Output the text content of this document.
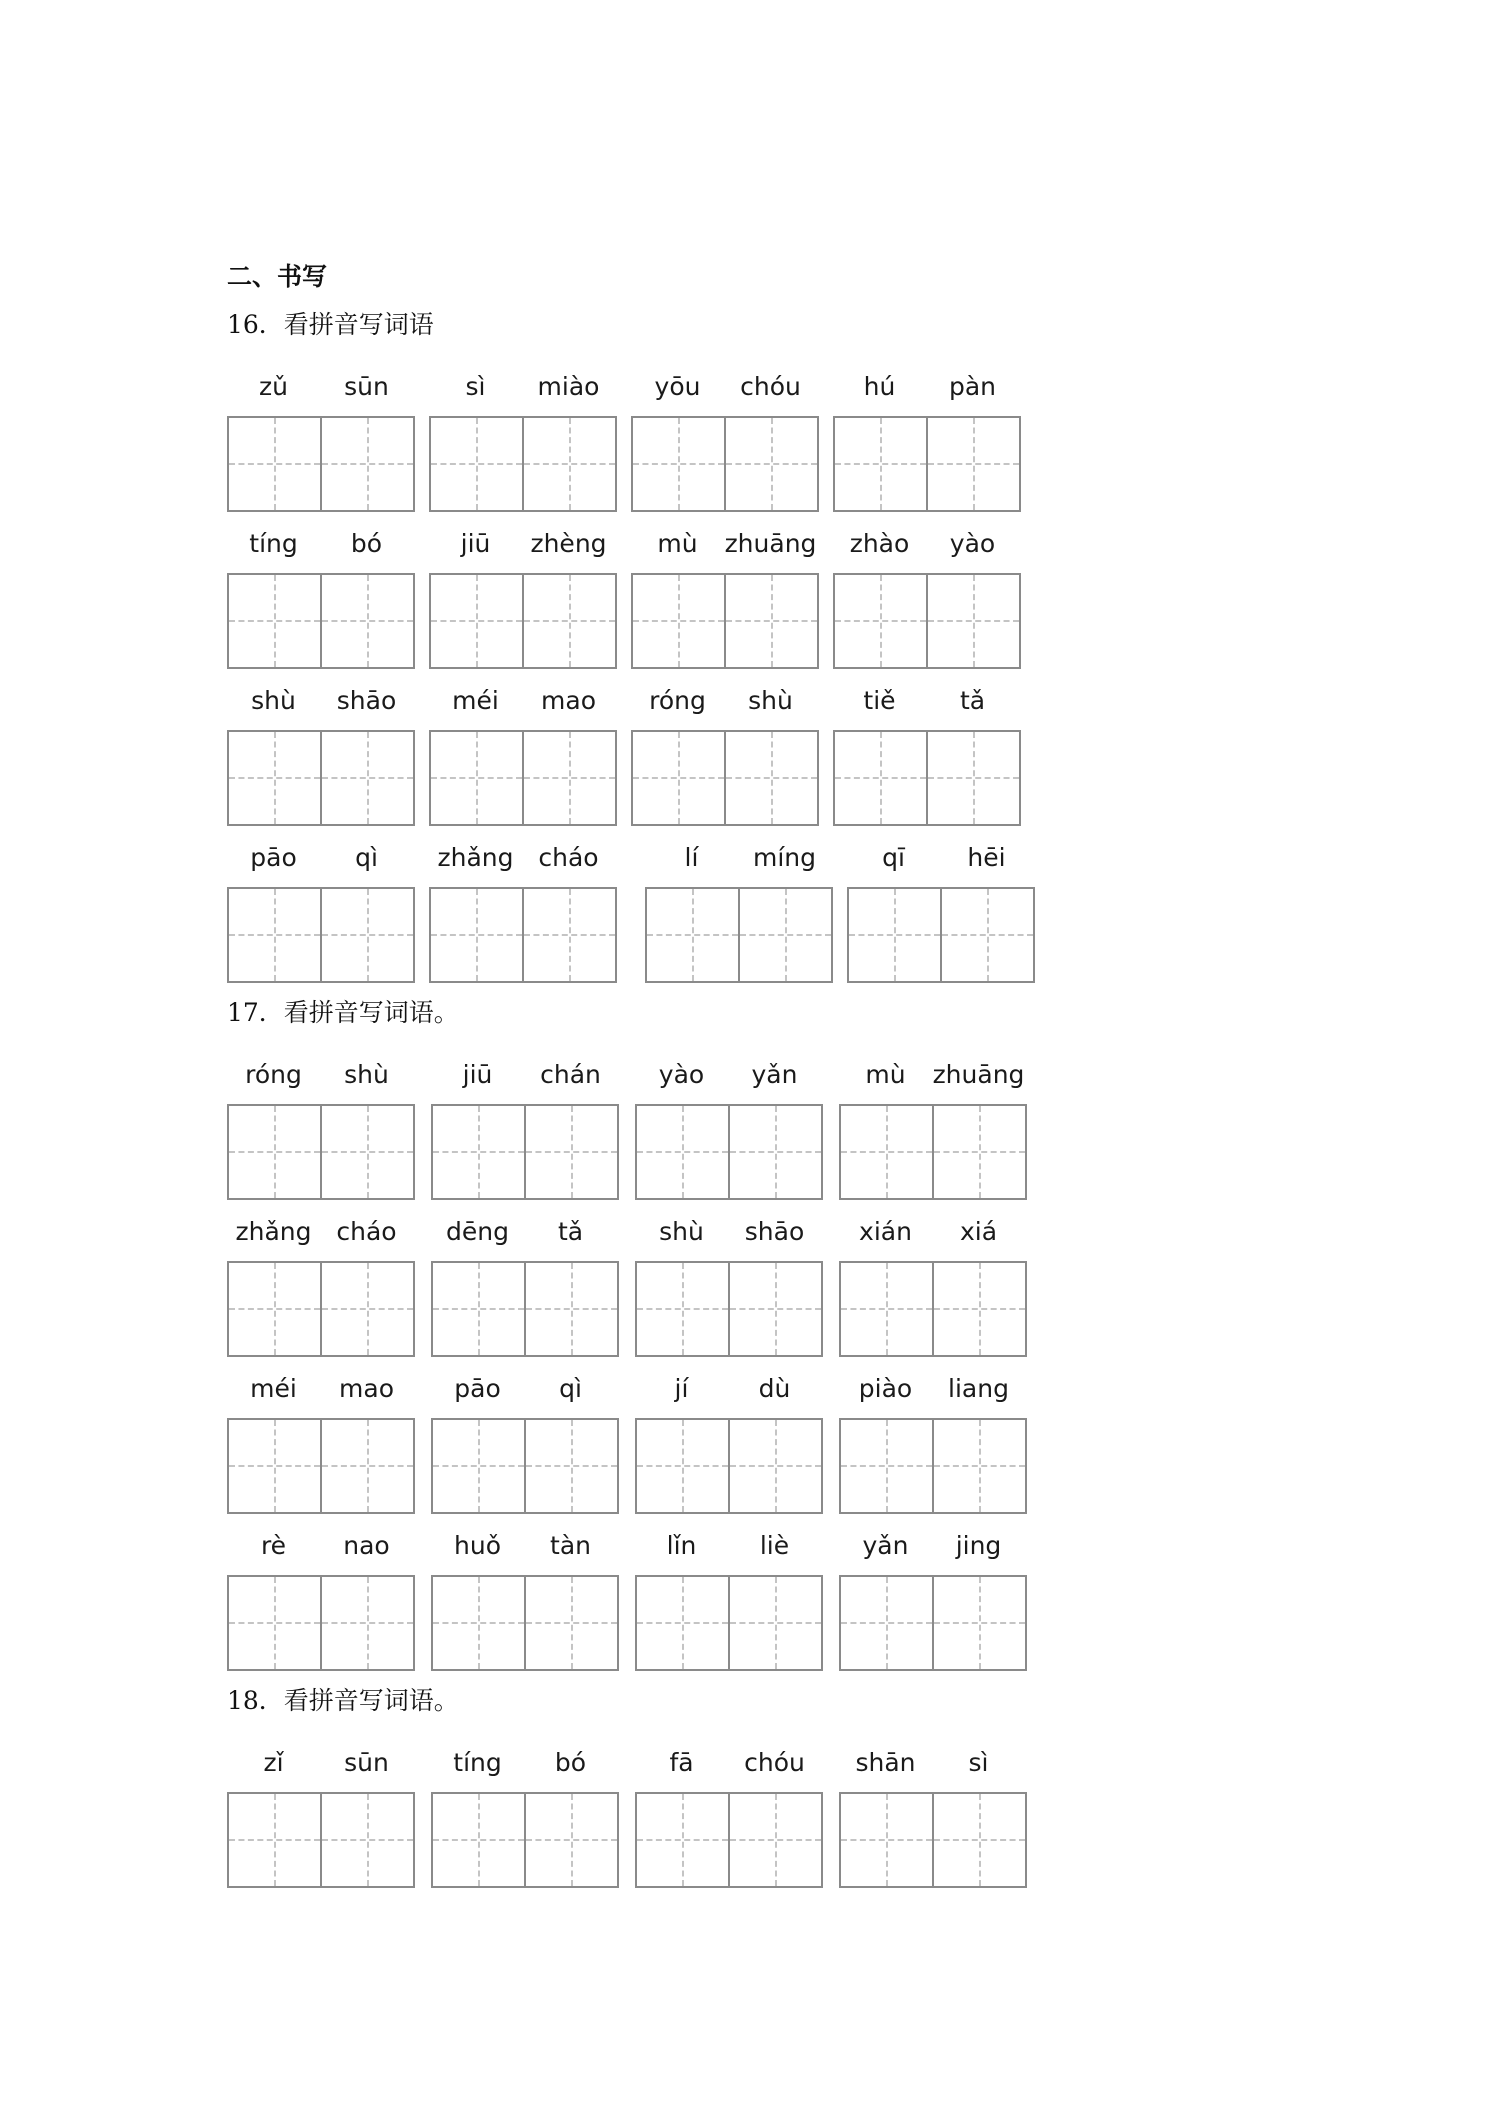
二、书写
16．看拼音写词语
zǔ	sūn	sì	miào	yōu	chóu	hú	pàn
tíng	bó	jiū	zhèng	mù	zhuāng	zhào	yào
shù	shāo	méi	mao	róng	shù	tiě	tǎ
pāo	qì	zhǎng cháo	lí	míng	qī	hēi
17．看拼音写词语。
róng	shù	jiū	chán	yào	yǎn	mù	zhuāng
zhǎng cháo	dēng	tǎ	shù	shāo	xián	xiá
méi	mao	pāo	qì	jí	dù	piào	liang
rè	nao	huǒ	tàn	lǐn	liè	yǎn	jing
18．看拼音写词语。
zǐ	sūn	tíng	bó	fā	chóu	shān	sì
